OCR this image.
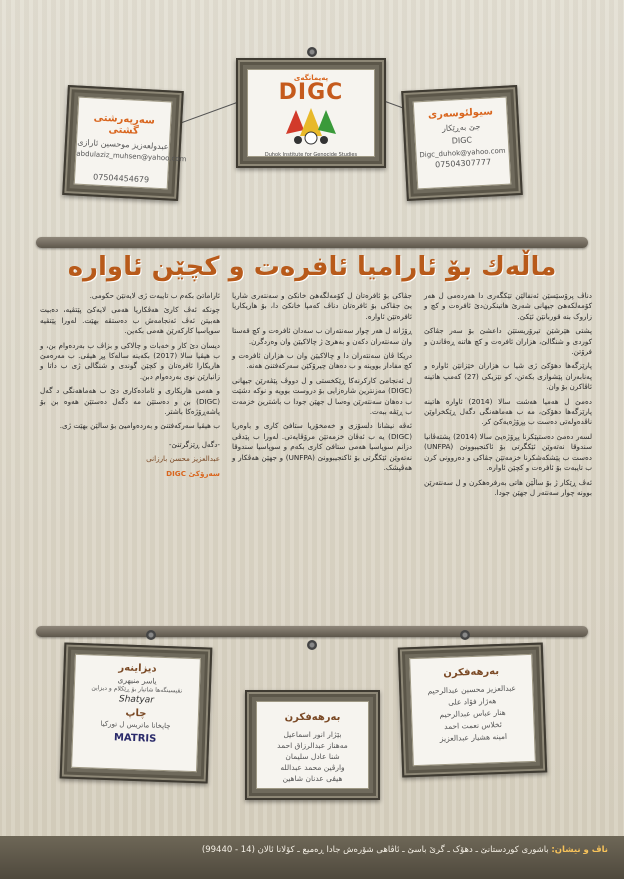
سەرپەرشتی گشتی
عبدولعەزیز موحسین ئارازی
abdulaziz_muhsen@yahoo.com
07504454679
پەیمانگەی
DIGC
Duhok Institute for Genocide Studies
سیولئوسەری
جێ بەڕێکار
DIGC
Digc_duhok@yahoo.com
07504307777
ماڵەك بۆ ئاراميا ئافرەت و كچێن ئاوارە

دناڤ پرۆسێسێن ئەنفالێن تێکگەری دا هەردەمی ل هەر کۆمەلکەهێ جیهانی شەرێ هاتینکرن‌دێ ئافرەت و کچ و زاروک بنە قوربانێن ئێکێ.

پشتی هێرشێن تیرۆریستێن داعشێ بۆ سەر جڤاکێ کوردی و شنگالێ، هزاران ئافرەت و کچ هاتنە ڕەڤاندن و فرۆتن.

پارێزگەها دهۆکێ ژی شیا ب هزاران خێزانێن ئاوارە و پەنابەران پێشوازی بکەتن، کو نێزیکی (27) کەمپ هاتینە ئاڤاکرن بۆ وان.

دەمێ ل هەمیا هەشت سالا (2014) ئاوارە هاتینە پارێزگەها دهۆکێ، مە ب هەماهەنگی دگەل ڕێکخراوێن ناڤدەولەتی دەست ب پڕۆژەیەکێ کر.

لسەر دەمێ دەستپێکرنا پڕۆژەیێ سالا (2014) پشتەڤانیا سندوقا نەتەوێن ئێکگرتی بۆ ئاکنجیبوونێ (UNFPA) دەست ب پێشکەشکرنا خزمەتێن جڤاکی و دەروونی کرن ب تایبەت بۆ ئافرەت و کچێن ئاوارە.

ئەڤ ڕێکار ژ بۆ ساڵێن هاتی بەرفرەهکرن و ل سەنتەرێن بوونە چوار سەنتەر ل جهێن جودا.

جڤاکی بۆ ئافرەتان ل کۆمەلگەهێ خانکێ و سەنتەری شاریا یێ جڤاکی بۆ ئافرەتان دناڤ کەمپا خانکێ دا، بۆ هاریکاریا ئافرەتێن ئاوارە.

ڕۆژانە ل هەر چوار سەنتەران ب سەدان ئافرەت و کچ قەستا وان سەنتەران دکەن و بەهرێ ژ چالاکیێن وان وەردگرن.

دریکا ڤان سەنتەران دا و چالاکیێن وان ب هزاران ئافرەت و کچ مفادار بووینە و ب دەهان چیرۆکێن سەرکەفتنێ هەنە.

ل ئەنجامێ کارکرنەکا ڕێکخستی و ل دووڤ پێڤەرێن جیهانی (DIGC) مەزنترین شارەزایی بۆ دروست بوویە و نوکە دشێت ب دەهان سەنتەرێن وەسا ل جهێن جودا ب باشترین خزمەت ب ڕێڤە ببەت.

ئەڤە نیشانا دلسۆزی و خەمخۆریا ستافێ کاری و باوەریا (DIGC) یە ب ئەڤان خزمەتێن مرۆڤایەتی. لەورا ب پێدڤی دزانم سوپاسیا هەمی ستافێ کاری بکەم و سوپاسیا سندوقا نەتەوێن ئێکگرتی بۆ ئاکنجیبوونێ (UNFPA) و جهێن هەڤکار و هەڤپشک.

ئاراماتێ بکەم ب تایبەت ژی لایەنێن حکومی.

چونکە ئەڤ کارێ هەڤکاریا هەمی لایەکێ پێتڤیە، دەبیت هەبیتن ئەڤ ئەنجامەش ب دەستڤە بهێت. لەورا پێتڤیە سوپاسیا کارکەرێن هەمی بکەین.

دیسان دێ کار و خەبات و چالاکی و بزاڤ ب بەردەوام بن، و ب هیڤیا سالا (2017) بکەینە سالەکا پڕ هیڤی. ب مەرەمێ هاریکارا ئافرەتان و کچێن گوندی و شنگالی ژی ب داتا و زانیارێن نوی بەردەوام دبن.

و هەمی هاریکاری و ئامادەکاری دێ ب هەماهەنگی د گەل (DIGC) بن و دەستێن مە دگەل دەستێن هەوە بن بۆ پاشەڕۆژەکا باشتر.

ب هیڤیا سەرکەفتنێ و بەردەوامیێ بۆ سالێن بهێت ژی.

-دگەل ڕێزگرتنێ-

عبدالعزیز محسن بارزانی

سەرۆکێ DIGC

بەرهەفکرن
عبدالعزیز محسین عبدالرحیم
هەژار فۆاد علی
هنار عباس عبدالرحیم
ئخلاس نعمت احمد
امینە هشیار عبدالعزیز
بەرهەفکرن
بێژار انور اسماعیل
مەهناز عبدالرزاق احمد
شنا عادل سلیمان
وارڤین محمد عبدالله
هیڤی عدنان شاهین
دیزاینەر
یاسر منیهری
نڤیسینگەها شاتیار بۆ ڕێکلام و دیزاین
Shatyar
چاپ
چاپخانا ماتریس ل تورکیا
MATRIS
ناڤ و نیشان: باشوری کوردستانێ ـ دهۆک ـ گرێ باسێ ـ ئاڤاهی شۆرەش جادا ڕەمیع ـ کۆلانا ئالان (14 - 99440)
